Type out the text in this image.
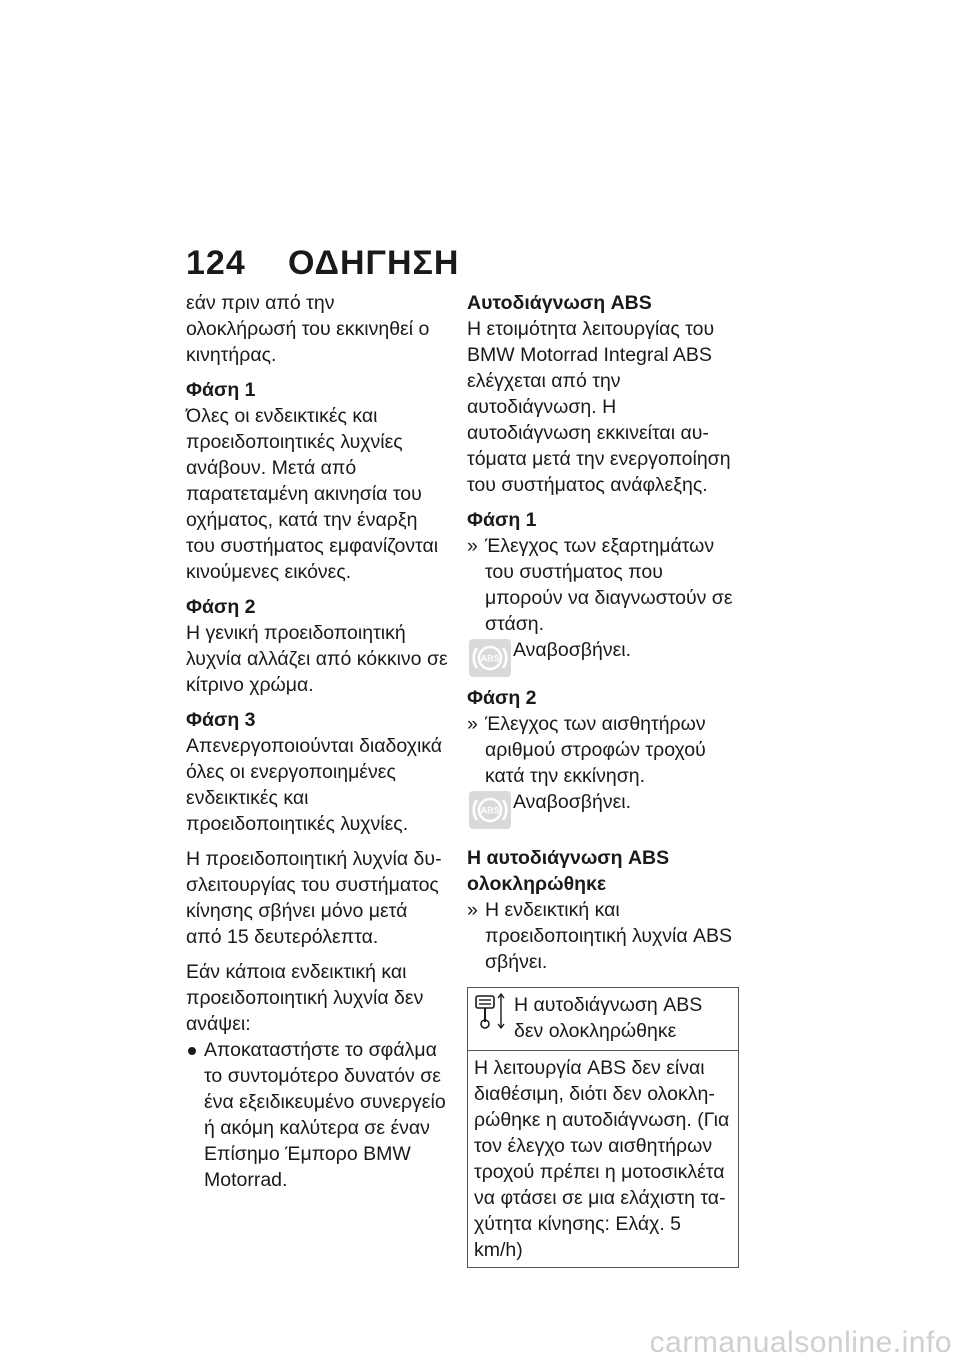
124 ΟΔΗΓΗΣΗ

εάν πριν από την ολοκλήρωσή του εκκινηθεί ο κινητήρας.

Φάση 1

Όλες οι ενδεικτικές και προειδοποιητικές λυχνίες ανάβουν. Μετά από παρατεταμένη ακινησία του οχήματος, κατά την έναρξη του συστήματος εμφανίζονται κινούμενες εικόνες.

Φάση 2

Η γενική προειδοποιητική λυχνία αλλάζει από κόκκινο σε κίτρινο χρώμα.

Φάση 3

Απενεργοποιούνται διαδοχικά όλες οι ενεργοποιημένες ενδεικτικές και προειδοποιητικές λυχνίες.

Η προειδοποιητική λυχνία δυσλειτουργίας του συστήματος κίνησης σβήνει μόνο μετά από 15 δευτερόλεπτα.

Εάν κάποια ενδεικτική και προειδοποιητική λυχνία δεν ανάψει:

Αποκαταστήστε το σφάλμα το συντομότερο δυνατόν σε ένα εξειδικευμένο συνεργείο ή ακόμη καλύτερα σε έναν Επίσημο Έμπορο BMW Motorrad.
Αυτοδιάγνωση ABS

Η ετοιμότητα λειτουργίας του BMW Motorrad Integral ABS ελέγχεται από την αυτοδιάγνωση. Η αυτοδιάγνωση εκκινείται αυτόματα μετά την ενεργοποίηση του συστήματος ανάφλεξης.

Φάση 1
» Έλεγχος των εξαρτημάτων του συστήματος που μπορούν να διαγνωστούν σε στάση.
ABS Αναβοσβήνει.
Φάση 2
» Έλεγχος των αισθητήρων αριθμού στροφών τροχού κατά την εκκίνηση.
ABS Αναβοσβήνει.
Η αυτοδιάγνωση ABS ολοκληρώθηκε
» Η ενδεικτική και προειδοποιητική λυχνία ABS σβήνει.
Η αυτοδιάγνωση ABS δεν ολοκληρώθηκε
Η λειτουργία ABS δεν είναι διαθέσιμη, διότι δεν ολοκληρώθηκε η αυτοδιάγνωση. (Για τον έλεγχο των αισθητήρων τροχού πρέπει η μοτοσικλέτα να φτάσει σε μια ελάχιστη ταχύτητα κίνησης: Ελάχ. 5 km/h)
carmanualsonline.info
